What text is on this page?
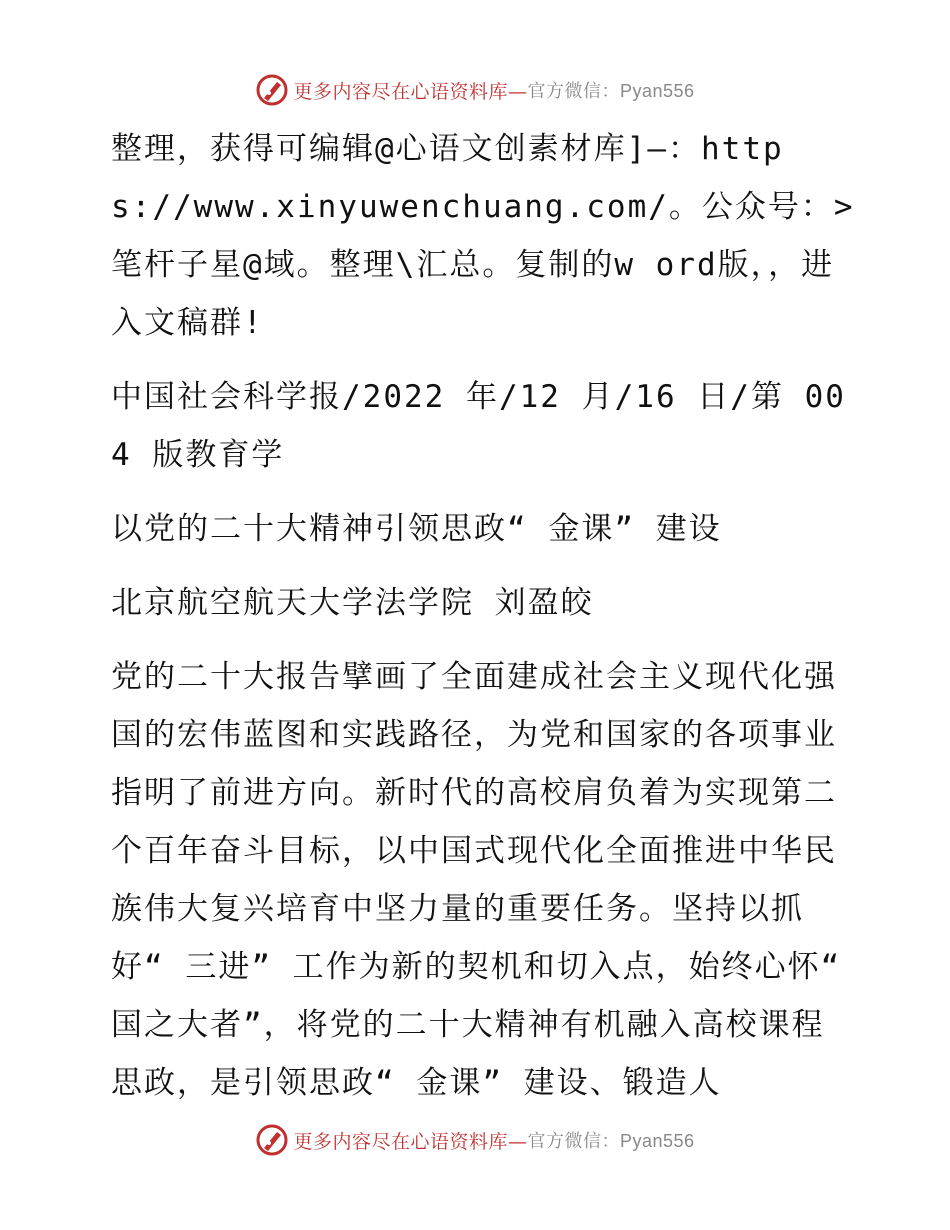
更多内容尽在心语资料库— 官方微信：Pyan556

整理，获得可编辑@心语文创素材库]—：https://www.xinyuwenchuang.com/。公众号：>笔杆子星@域。整理\汇总。复制的w ord版，，进入文稿群!

中国社会科学报/2022 年/12 月/16 日/第 004 版教育学

以党的二十大精神引领思政“ 金课” 建设

北京航空航天大学法学院 刘盈皎

党的二十大报告擘画了全面建成社会主义现代化强国的宏伟蓝图和实践路径，为党和国家的各项事业指明了前进方向。新时代的高校肩负着为实现第二个百年奋斗目标，以中国式现代化全面推进中华民族伟大复兴培育中坚力量的重要任务。坚持以抓好“ 三进” 工作为新的契机和切入点，始终心怀“ 国之大者”，将党的二十大精神有机融入高校课程思政，是引领思政“ 金课” 建设、锻造人

更多内容尽在心语资料库— 官方微信：Pyan556
